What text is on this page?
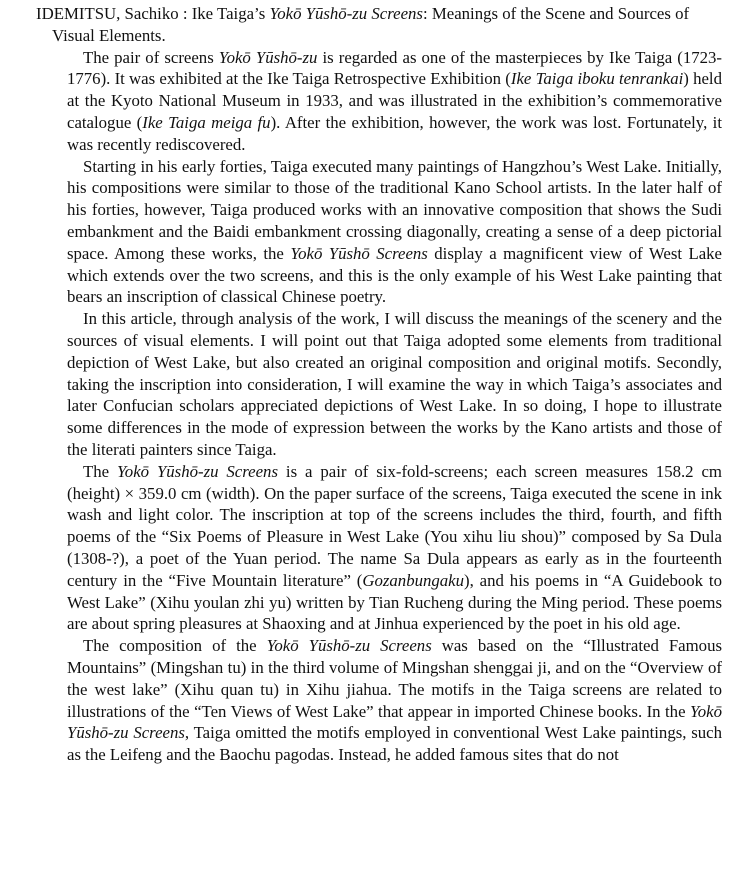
IDEMITSU, Sachiko : Ike Taiga’s Yokō Yūshō-zu Screens: Meanings of the Scene and Sources of Visual Elements.

The pair of screens Yokō Yūshō-zu is regarded as one of the masterpieces by Ike Taiga (1723-1776). It was exhibited at the Ike Taiga Retrospective Exhibition (Ike Taiga iboku tenrankai) held at the Kyoto National Museum in 1933, and was illustrated in the exhibition’s commemorative catalogue (Ike Taiga meiga fu). After the exhibition, however, the work was lost. Fortunately, it was recently rediscovered.

Starting in his early forties, Taiga executed many paintings of Hangzhou’s West Lake. Initially, his compositions were similar to those of the traditional Kano School artists. In the later half of his forties, however, Taiga produced works with an innovative composition that shows the Sudi embankment and the Baidi embankment crossing diagonally, creating a sense of a deep pictorial space. Among these works, the Yokō Yūshō Screens display a magnificent view of West Lake which extends over the two screens, and this is the only example of his West Lake painting that bears an inscription of classical Chinese poetry.

In this article, through analysis of the work, I will discuss the meanings of the scenery and the sources of visual elements. I will point out that Taiga adopted some elements from traditional depiction of West Lake, but also created an original composition and original motifs. Secondly, taking the inscription into consideration, I will examine the way in which Taiga’s associates and later Confucian scholars appreciated depictions of West Lake. In so doing, I hope to illustrate some differences in the mode of expression between the works by the Kano artists and those of the literati painters since Taiga.

The Yokō Yūshō-zu Screens is a pair of six-fold-screens; each screen measures 158.2 cm (height) × 359.0 cm (width). On the paper surface of the screens, Taiga executed the scene in ink wash and light color. The inscription at top of the screens includes the third, fourth, and fifth poems of the “Six Poems of Pleasure in West Lake (You xihu liu shou)” composed by Sa Dula (1308-?), a poet of the Yuan period. The name Sa Dula appears as early as in the fourteenth century in the “Five Mountain literature” (Gozanbungaku), and his poems in “A Guidebook to West Lake” (Xihu youlan zhi yu) written by Tian Rucheng during the Ming period. These poems are about spring pleasures at Shaoxing and at Jinhua experienced by the poet in his old age.

The composition of the Yokō Yūshō-zu Screens was based on the “Illustrated Famous Mountains” (Mingshan tu) in the third volume of Mingshan shenggai ji, and on the “Overview of the west lake” (Xihu quan tu) in Xihu jiahua. The motifs in the Taiga screens are related to illustrations of the “Ten Views of West Lake” that appear in imported Chinese books. In the Yokō Yūshō-zu Screens, Taiga omitted the motifs employed in conventional West Lake paintings, such as the Leifeng and the Baochu pagodas. Instead, he added famous sites that do not
